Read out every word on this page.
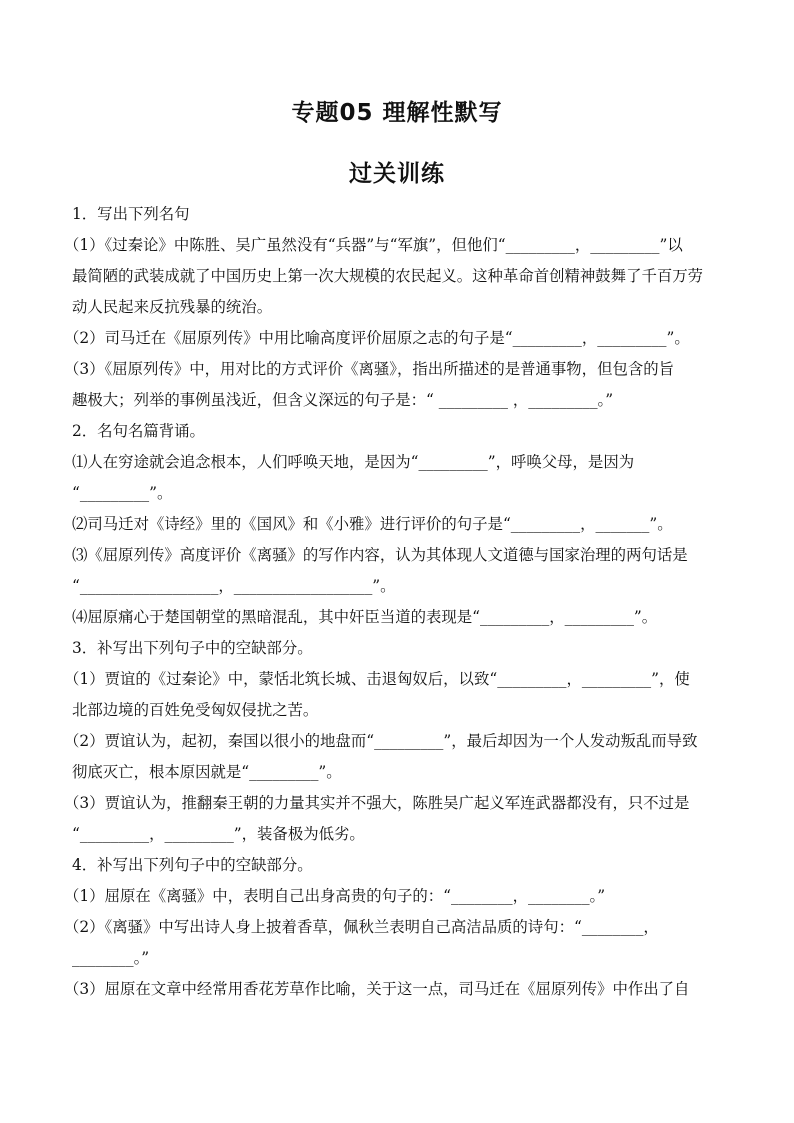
专题05 理解性默写
过关训练
1．写出下列名句
（1）《过秦论》中陈胜、吴广虽然没有“兵器”与“军旗”，但他们“_________，_________”以
最简陋的武装成就了中国历史上第一次大规模的农民起义。这种革命首创精神鼓舞了千百万劳
动人民起来反抗残暴的统治。
（2）司马迁在《屈原列传》中用比喻高度评价屈原之志的句子是“_________，_________”。
（3）《屈原列传》中，用对比的方式评价《离骚》，指出所描述的是普通事物，但包含的旨
趣极大；列举的事例虽浅近，但含义深远的句子是：“ _________ ，_________。”
2．名句名篇背诵。
⑴人在穷途就会追念根本，人们呼唤天地，是因为“_________”，呼唤父母，是因为
“_________”。
⑵司马迁对《诗经》里的《国风》和《小雅》进行评价的句子是“_________，_______”。
⑶《屈原列传》高度评价《离骚》的写作内容，认为其体现人文道德与国家治理的两句话是
“__________________，__________________”。
⑷屈原痛心于楚国朝堂的黑暗混乱，其中奸臣当道的表现是“_________，_________”。
3．补写出下列句子中的空缺部分。
（1）贾谊的《过秦论》中，蒙恬北筑长城、击退匈奴后，以致“_________，_________”，使
北部边境的百姓免受匈奴侵扰之苦。
（2）贾谊认为，起初，秦国以很小的地盘而“_________”，最后却因为一个人发动叛乱而导致
彻底灭亡，根本原因就是“_________”。
（3）贾谊认为，推翻秦王朝的力量其实并不强大，陈胜吴广起义军连武器都没有，只不过是
“_________，_________”，装备极为低劣。
4．补写出下列句子中的空缺部分。
（1）屈原在《离骚》中，表明自己出身高贵的句子的：“________，________。”
（2）《离骚》中写出诗人身上披着香草，佩秋兰表明自己高洁品质的诗句：“________，
________。”
（3）屈原在文章中经常用香花芳草作比喻，关于这一点，司马迁在《屈原列传》中作出了自
